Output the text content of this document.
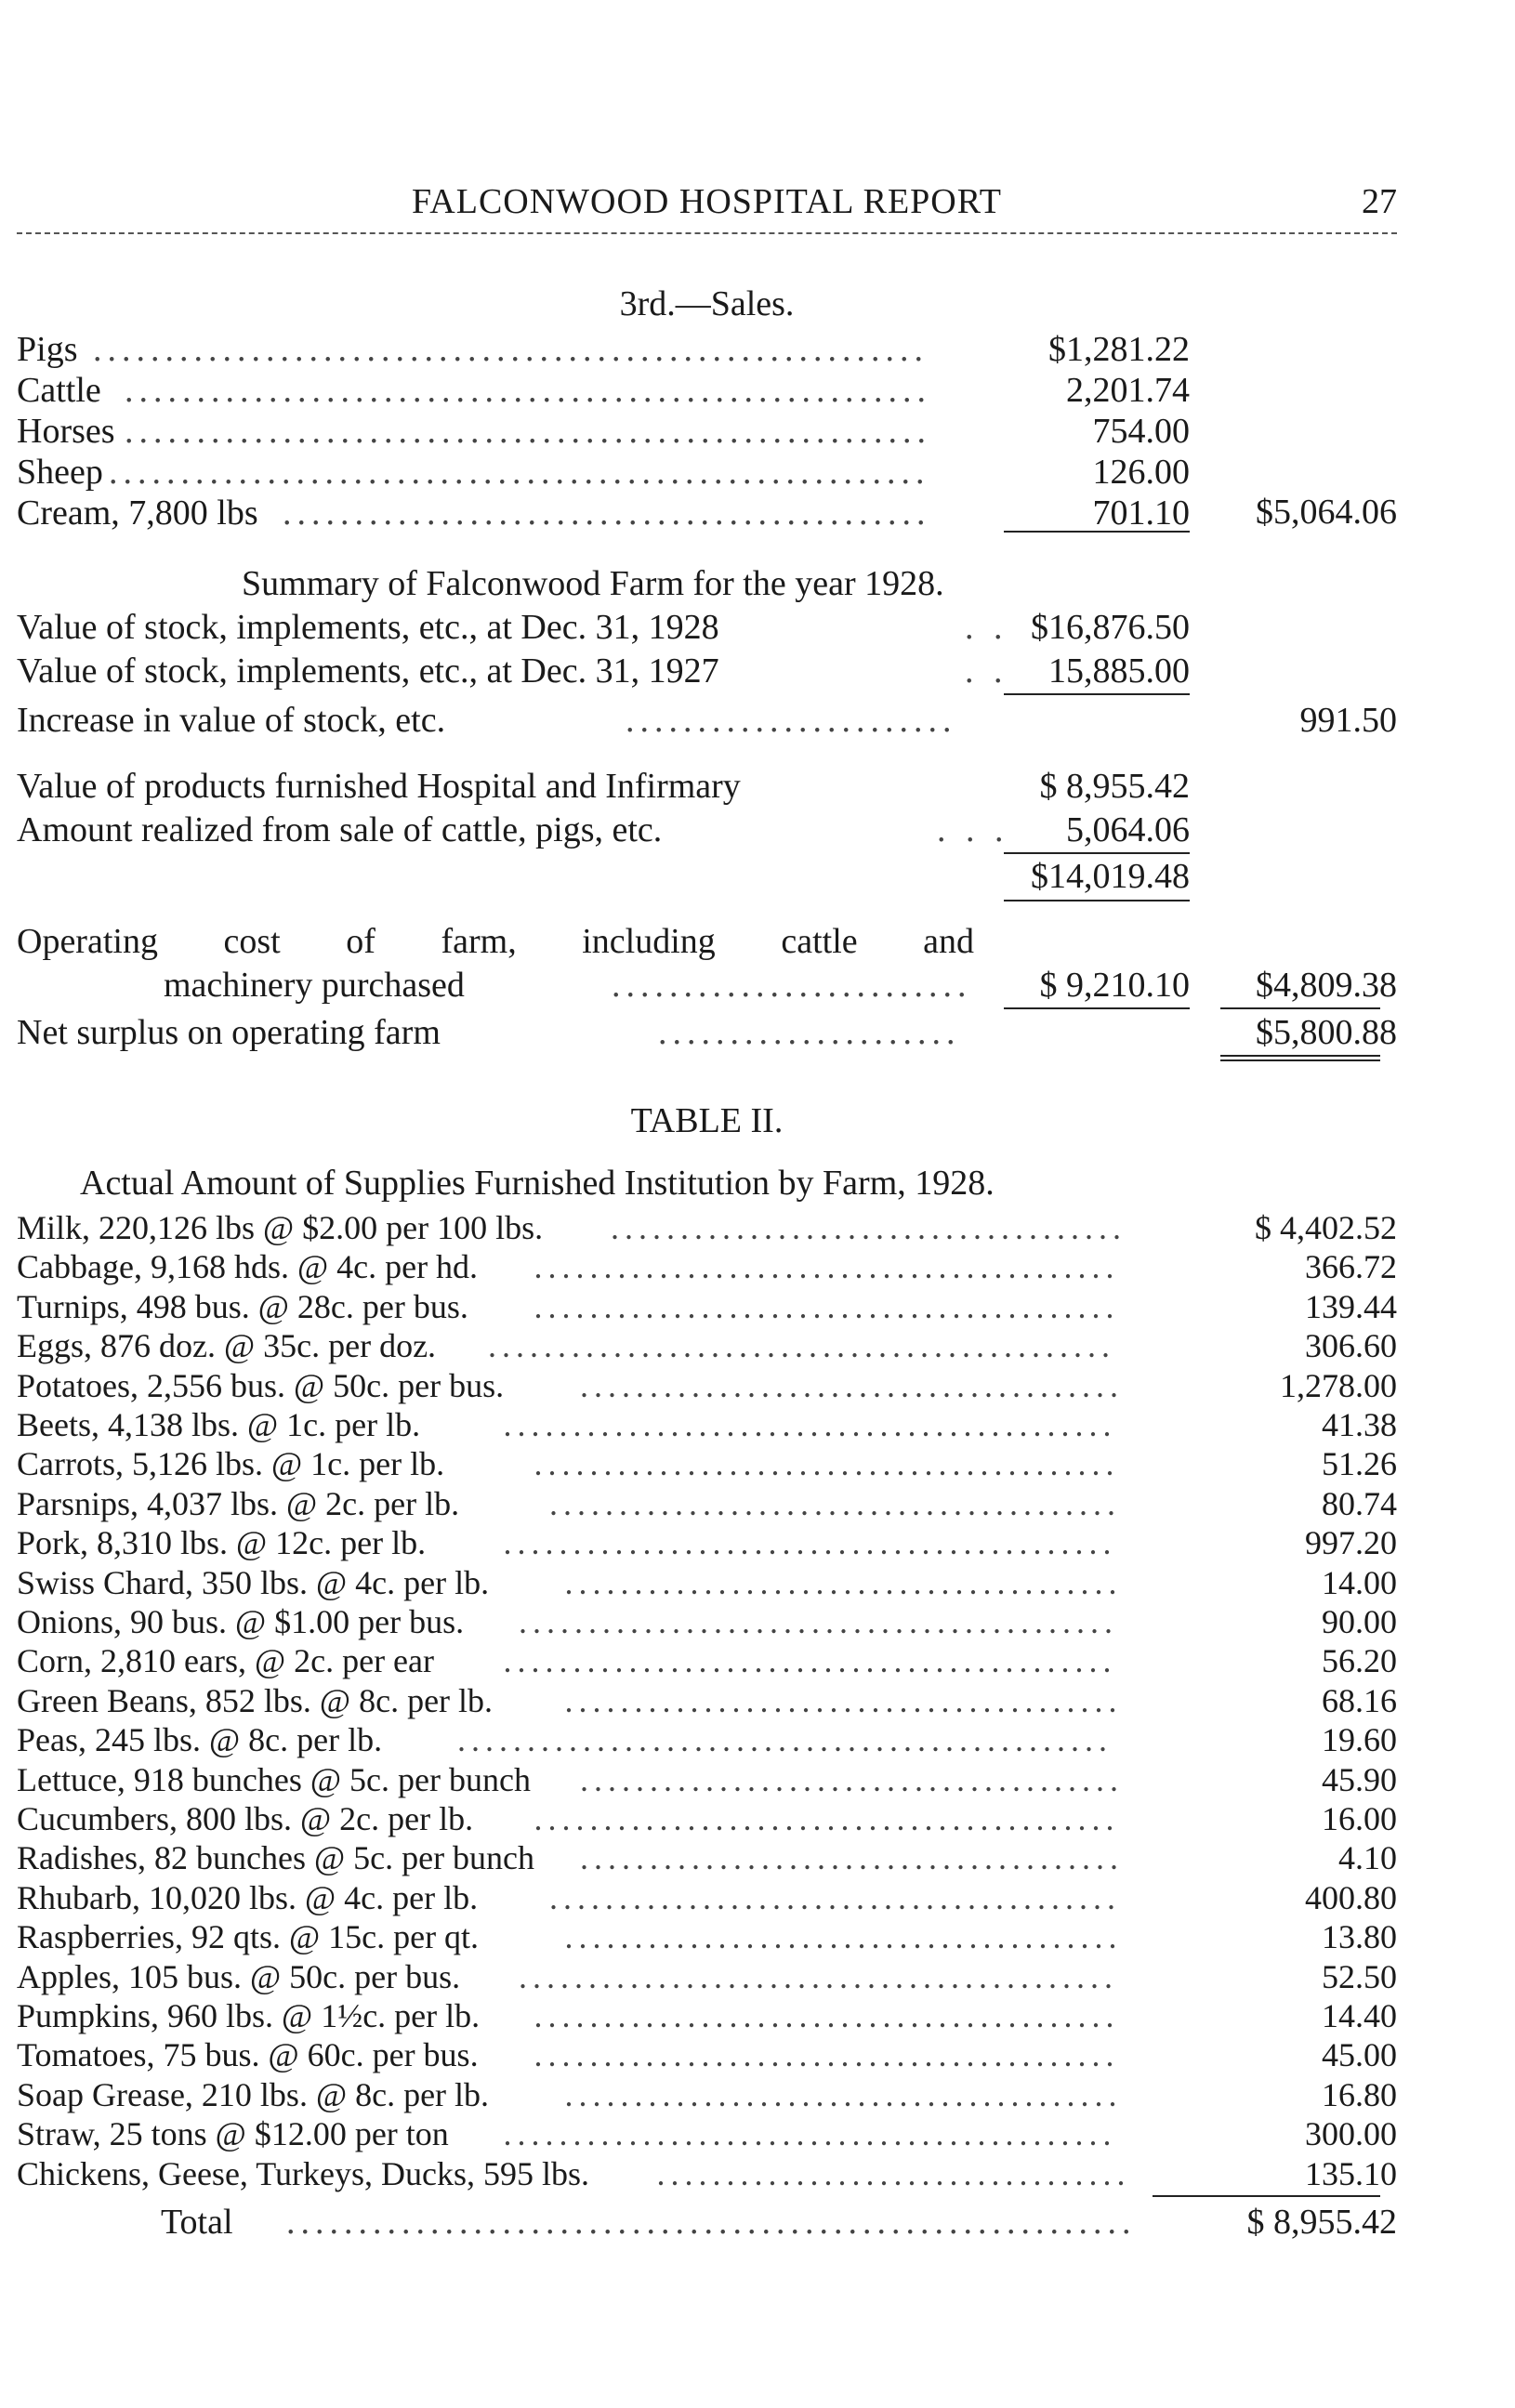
FALCONWOOD HOSPITAL REPORT	27
3rd.—Sales.
Pigs ..........................................................	$1,281.22
Cattle ........................................................	2,201.74
Horses ........................................................	754.00
Sheep .........................................................	126.00
Cream, 7,800 lbs .............................................	701.10	$5,064.06
Summary of Falconwood Farm for the year 1928.
Value of stock, implements, etc., at Dec. 31, 1928	. . $16,876.50
Value of stock, implements, etc., at Dec. 31, 1927	. .	15,885.00
Increase in value of stock, etc.	.......................	991.50
Value of products furnished Hospital and Infirmary	$ 8,955.42
Amount realized from sale of cattle, pigs, etc.	. . .	5,064.06
$14,019.48
Operating cost of farm, including cattle and
machinery purchased	.........................	$ 9,210.10	$4,809.38
Net surplus on operating farm	.....................	$5,800.88
TABLE II.
Actual Amount of Supplies Furnished Institution by Farm, 1928.
Milk, 220,126 lbs @ $2.00 per 100 lbs. .....................................	$ 4,402.52
Cabbage, 9,168 hds. @ 4c. per hd. ..........................................	366.72
Turnips, 498 bus. @ 28c. per bus. ..........................................	139.44
Eggs, 876 doz. @ 35c. per doz. .............................................	306.60
Potatoes, 2,556 bus. @ 50c. per bus. .......................................	1,278.00
Beets, 4,138 lbs. @ 1c. per lb. ............................................	41.38
Carrots, 5,126 lbs. @ 1c. per lb.	..........................................	51.26
Parsnips, 4,037 lbs. @ 2c. per lb.	.........................................	80.74
Pork, 8,310 lbs. @ 12c. per lb. ............................................	997.20
Swiss Chard, 350 lbs. @ 4c. per lb. ........................................	14.00
Onions, 90 bus. @ $1.00 per bus. ...........................................	90.00
Corn, 2,810 ears, @ 2c. per ear ............................................	56.20
Green Beans, 852 lbs. @ 8c. per lb. ........................................	68.16
Peas, 245 lbs. @ 8c. per lb. ...............................................	19.60
Lettuce, 918 bunches @ 5c. per bunch .......................................	45.90
Cucumbers, 800 lbs. @ 2c. per lb. ..........................................	16.00
Radishes, 82 bunches @ 5c. per bunch .......................................	4.10
Rhubarb, 10,020 lbs. @ 4c. per lb. .........................................	400.80
Raspberries, 92 qts. @ 15c. per qt.	........................................	13.80
Apples, 105 bus. @ 50c. per bus. ...........................................	52.50
Pumpkins, 960 lbs. @ 1½c. per lb. ..........................................	14.40
Tomatoes, 75 bus. @ 60c. per bus. ..........................................	45.00
Soap Grease, 210 lbs. @ 8c. per lb. ........................................	16.80
Straw, 25 tons @ $12.00 per ton ............................................	300.00
Chickens, Geese, Turkeys, Ducks, 595 lbs. ..................................	135.10
Total ...........................................................	$ 8,955.42
